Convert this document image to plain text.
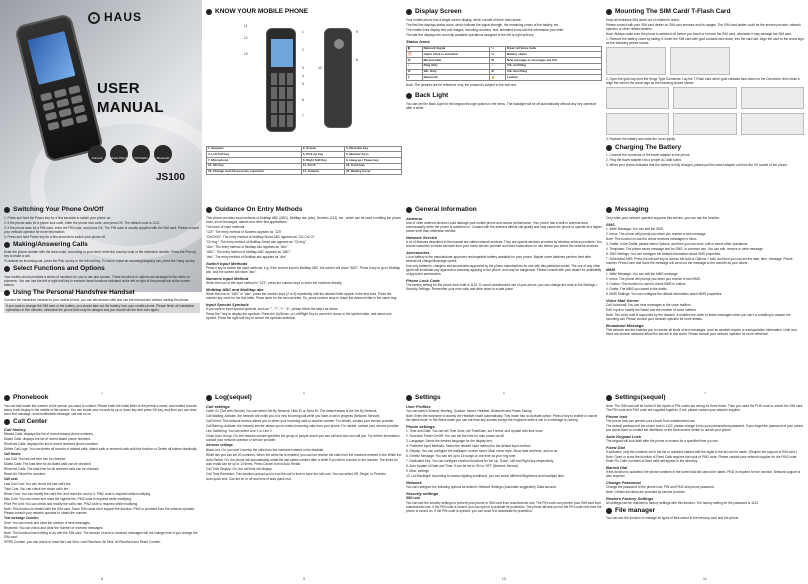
HAUS
USER MANUAL
Camera	Music Player	FM Radio	Bluetooth
JS100
KNOW YOUR MOBILE PHONE
11
12
13
1
2
3
4
5
6
7
8
9
10
1. Earpiece	2. Screen	3. Direction key
4. Left Soft key	5. Pick up Key	6. Number Keys
7. Microphone	8. Right Soft Key	9. Hang up / Power key
10. OK Key	11. Torch	12. Card hole
13. Charger and Accessories connector	14. Camera	15. Battery Cover
Display Screen
Your mobile phone has a single screen display, which consist of three main areas:
The first line displays status icons, which indicate the signal strength, the remaining power of the battery, etc.
The middle lines display text and images, including numbers, text, animated icons and the information you enter.
The last line displays the currently available operations assigned to the left or right soft key.
Status Icons
▮	Network Signal	↪	Divert all Voice Calls
⏰	Alarm clock is activated	▭	Battery status
✆	Missed calls	✉	New message or messages are full
♪	Ring Only	♪	Vib. and Ring
≋	Vib. Only	≋	Vib. then Ring
ᛒ	Bluetooth	🔒	Locked
Note: The pictures are for reference only, the product is subject to the real one.
Back Light
You can set the Back Light for the keypad through options in the menu. The backlight will be off automatically without any key operation after a while.
Mounting The SIM Card/ T-Flash Card
Keep all miniature SIM cards out of children's reach.
Please consult with your SIM card dealer on SIM card services and its usages. The SIM card dealer could be the service provider, network operator or other related dealers.
Note: Always make sure the phone is switched off before you insert or remove the SIM card, otherwise it may damage the SIM card.
1. Remove the battery cover by sliding it. Insert the SIM card with gold contacts face down, into the card slot. Align the card to the arrow sign as the following picture shows:
2. Open the gold cap from the Hinge Type Connector. Lay the T-Flash card which gold contacts face-down on the Connector, then close it. Align the card to the arrow sign as the following picture shows:
3. Replace the battery and close the cover tightly.
Charging The Battery
1. Connect the connector of the travel adapter to the phone.
2. Plug the travel adapter into a proper AC wall outlet.
3. When your phone indicates that the battery is fully charged, please pull the travel adapter out from the I/O socket of the phone.
Switching Your Phone On/Off
1. Press and hold the Power key for a few seconds to switch your phone on.
2. If the phone asks for a phone lock code, enter the phone lock code, and press OK. The default code is 1122.
3. If the phone asks for a PIN code, enter the PIN code, and press OK. The PIN code is usually supplied with the SIM card. Please consult your network operator for more information.
4. Press and hold Power key for a few seconds to switch your phone off.
Making/Answering Calls
Enter the phone number with the area code). According to your need, enter the country code or the extension number. Press the Pick up key to make a call.
To answer an incoming call, press the Pick up key or the left soft key. To end or reject an incoming/outgoing call, press the Hang up key.
Select Functions and Options
Your mobile phone provides a series of functions for you to use and custom. These functions or options are arranged in the menu or submenu. You can use the left or right soft key to execute those functions indicated at the left or right of the prompt bar at the screen bottom.
Using The Personal Handsfree Handset
Connect the handsfree handset to your mobile phone, you can still answer calls and use the microphone without holding the phone.
If you want to change the SIM card or the battery, you should take out the battery from your mobile phone. Please finish all installation operations in five minutes, otherwise the phone time may be delayed and you should set the time over again.
4
Guidance On Entry Methods
This phone provides input methods of Multitap ABC (ABC), Multitap abc (abc), Numeric (123), etc., which can be used in editing the phone book, short messages, alarms and other text applications.
The icons of input methods:
"123": The entry method of Numeric appears as "123"
"Ck/Cn/Ct": The entry method of Multitap Smart ABC appears as "Ck/ Cn/ Ct"
"Ck eng": The entry method of Multitap Smart abc appears as "Ck eng"
"Abc": The entry method of Multitap Abc appears as "Abc"
"ABC": The entry method of Multitap ABC appears as "ABC"
"abc": The entry method of Multitap abc appears as "abc"
Switch Input Methods
Press # key to switch the input methods, e.g. if the current input is Multitap ABC, the screen will show "ABC". Press # key to go to Multitap abc, and the screen will show "abc".
Numeric Input Method
When the icon of the input method is "123", press the number keys to enter the numbers directly.
Multitap ABC and Multitap abc
When the icon is "ABC" or "abc", press the number keys (2 to 9) repeatedly until the desired letter appear in the text area. Press the number key once for the first letter. Press twice for the second letter. So, press number keys to reach the desired letter in the same way.
Input Special Symbols
If you want to input special symbols, such as "", "?", "+", "&", please follow the steps as below:
Press the * key to display the symbols. Press the Up/Down, or Left/Right Key to move the cursor in the symbol table, and select one symbol. Press the right soft key to cancel the symbols selection.
5
General Information
Antenna
Use of other antenna devices could damage your mobile phone and reduce performance. Your phone has a built-in antenna area unnecessarily when the phone is switched on. Contact with the antenna affects call quality and may cause the phone to operate at a higher power level than otherwise needed.
Network Service
A lot of features described in the manual are called network services. They are special services provided by wireless service providers. You should subscribe to these services from your home service provider and learn instructions on use before you select the network services.
Accessories
Li-ion battery is the manufacturer-approved rechargeable battery available for your phone. Maybe some batteries perform best after several full charge/discharge cycles.
Use only batteries, chargers and accessories approved by the phone manufacturer for use with this particular model. The use of any other types will invalidate any approval or warranty applying to the phone, and may be dangerous. Please consult with your dealer for availability of approved accessories.
Phone Lock Code
The factory setting for the phone lock code is 1122. To avoid unauthorized use of your phone, you can change the code in the Settings > Security Settings. Remember your new code and write down in a safe place.
6
Messaging
Only when your network operator supports this service, you can use the function.
SMS
1. Write Message: You can edit the SMS.
2. Inbox: The phone will prompt you when you receive a new message.
Note: This function is used to check received messages in inbox.
3. Drafts: In the Drafts, please select Options, and then you can send, edit or select other operations.
4. Templates: The phone saves message text for SMS. In common use. You can edit, remove or write message.
5. SMS Settings: You can configure the default information about SMS properties.
7. Scheduled SMS: Press the left soft key to access the Add or Options > Add, and then you can set the date, time, message. Phone number. Press Done and Save the message will send out the message to the number as your desire.
MMS
1. Write Message: You can edit the MMS message.
2. Inbox: The phone will prompt you when you receive a new MMS.
3. Outbox: This function is used to check MMS in outbox.
4. Drafts: The MMS you saved in the drafts.
5. MMS Settings: You can configure the default information about MMS properties.
Voice Mail Server
Call Voicemail: You can hear messages in the voice mailbox.
Edit: Input or modify the Name and the number of voice mailbox.
Note: The voice mail is supported by the network. It enables the caller to leave messages when you can't or unwilling to answer the incoming call. Please consult your network operator for more details.
Broadcast Message
This network service enables you to receive all kinds of text messages, such as weather reports or transportation information. Until now, there are several networks afford the service in this world. Please consult your network operator for more reference.
7
Phonebook
You can fast locate the number of the person you want to contact. Please enter the initial letter of the person's name, and related records about it will display in the middle of the screen. You can locate your records by up or down key and press OK key, and then you can view, send text message, send multimedia message, call and so on.
Call Center
Call history
Missed Calls: displays the list of recent missed phone numbers.
Dialed Calls: displays the list of recent dialed phone numbers.
Received Calls: displays the list of recent received phone numbers.
Delete Call Logs: You can delete all records of missed calls, dialed calls or received calls with this function or Delete all folders drastically.
Call timers:
Last Call: The last call time can be checked.
Dialed Calls: The total time for all dialed calls can be checked.
Received Calls: The total time for all received calls can be checked.
Reset All: Reset the counters.
Call cost:
Last Call Cost: You can check the last call's fee.
Total Cost: You can check the whole call's fee.
Reset Cost: You can modify the call's fee, and reset the cost to 0. PIN2 code is required while modifying.
Max Cost: You can check and reset the highest fee. PIN2 code is required while modifying.
Price Per Unit: You can check and modify the call's rate. PIN2 code is required while modifying.
Note: This function is related with the SIM card. Some SIM cards don't support the function. PIN2 is provided from the network operator. Please consult your network operator to obtain the number.
Text message Counter:
Sent: You can check and clear the number of sent messages.
Received: You can check and clear the number of received messages.
Note: This function has nothing to do with the SIM card. The amount of sent or received messages will not change even if you change the SIM card.
GPRS Counter: you can check or reset the Last Sent, Last Received, All Sent, All Received and Reset Counter.
8
Log(sequel)
Call settings
Caller ID: (Set with Service) You can select Set By Network, Hide ID or Send ID. The default status is the Set By Network.
Call Waiting: Activate, the network will notify you of a new incoming call while you have a call in progress (Network Service).
Call Divert: This network service allows you to divert your incoming calls to another number. For details, contact your service provider.
Call Barring: Activate, the network service allows you to restrict incoming calls from your phone. For details, contact your service provider.
Line Switching: You can select Line 1 or Line 2.
Close User Group: On, the network service specifies the group of people whom you can call and who can call you. For further information contact your network operator or service provider.
Advance settings:
Black List: On, you won't receive the calls from the numbers entered in the blacklist.
White list: you can set 20 numbers. When the white list is enabled, you can but receive the calls from the numbers entered in the White list.
Auto Redial: On, the phone will automatically redial the last called number after a while if you fail to connect to the number. The times for auto redial can be up to 10 times. Press Cancel to end Auto Redial.
Call Time Display: On, the call time will display.
Call Time Reminder: This function prompt you to end the call in time to save the call cost. You can select Off, Single, or Periodic.
Auto quick end: Can set on or off and time of auto quick end.
9
Settings
User Profiles
You can select General, Meeting, Outdoor, Indoor, Headset, Bluetooth and Power Saving.
Note: Enter the earphone to access the Headset mode automatically. This mode has no Activate option. Press # key to enable or cancel the silent mode. In the Silent mode you can not hear any sounds except the ringtones while a call or a message is coming.
Phone settings
1. Time and Date: You can set Time Zone, set Time/Date, set Format, and Update with time zone.
2. Schedule Power On/Off: You can set the time for auto power on/off.
3. Language: Select the desired language for the display text.
4. Preferred Input Methods: Select the desired input method for the default input method.
5. Display: You can configure the wallpaper, screen saver, Main menu style, Show date and time, and so on.
6. Greetin Message: You can set up to 16 songs or one time as your ring tone.
7. Dedicated Key: You can configure shortcut functions for the Up, Down, Left and Right key respectively.
8. Auto Update of Date and Time: It can be set to ON or OFF. (Network Service)
9. Misc. settings
10. Lcd Backlight: According to various lighting conditions, you can select different Brightness and backlight time.
Network
You can configure the following options as desired: Network Settings (Automatic suggested), Data account.
Security settings
SIM Lock
You can use the security settings to prevent your phone or SIM card from unauthorized use. The PIN code can prevent your SIM card from unauthorized use. If the PIN code is closed, you can open it to activate its protection. The phone will ask you for the PIN code next time the phone is turned on. If the PIN code is opened, you can close it to deactivate its protection.
10
Settings(sequel)
Note: The SIM card will be locked if the inputs of PIN codes are wrong for three times. Then you need the PUK code to unlock the SIM card. The PIN code and PUK code are supplied together, if not, please contact your network supplier.
Phone lock
The phone lock can prevent your phone from unauthorized use.
The default password of the phone lock is 1122, please change it into your personalized password. If you forget the password of your phone, you would have to contact the distributor or the local service center to unlock your phone.
Auto Keypad Lock
The keypad will lock itself after the phone is unused for a specified time you set.
Fixed Dial
If activated, only the numbers set in the list or numbers started with the digits in the list can be made. (Require the support of SIM card.)
Note: Open or close the function of Fixed Calls requires the input of PIN2 code. Please contact your network supplier for the PIN2 code. Enter Fix Calls: numbers of fixed calls will appear in the directory.
Barred Dial
If this function is activated, the phone numbers in the barred dial list cannot be dialed. PIN2 is required for the function. Network support is also required.
Change Password
Change the password of the phone lock, PIN and PIN2 and phone password.
Note: Certain functions are provided by service provider.
Restore Factory Settings
All settings can be restored to factory settings with this function. The factory setting for the password is 1122.
File manager
You can use the function to manage all types of files saved in the memory card and the phone.
11
